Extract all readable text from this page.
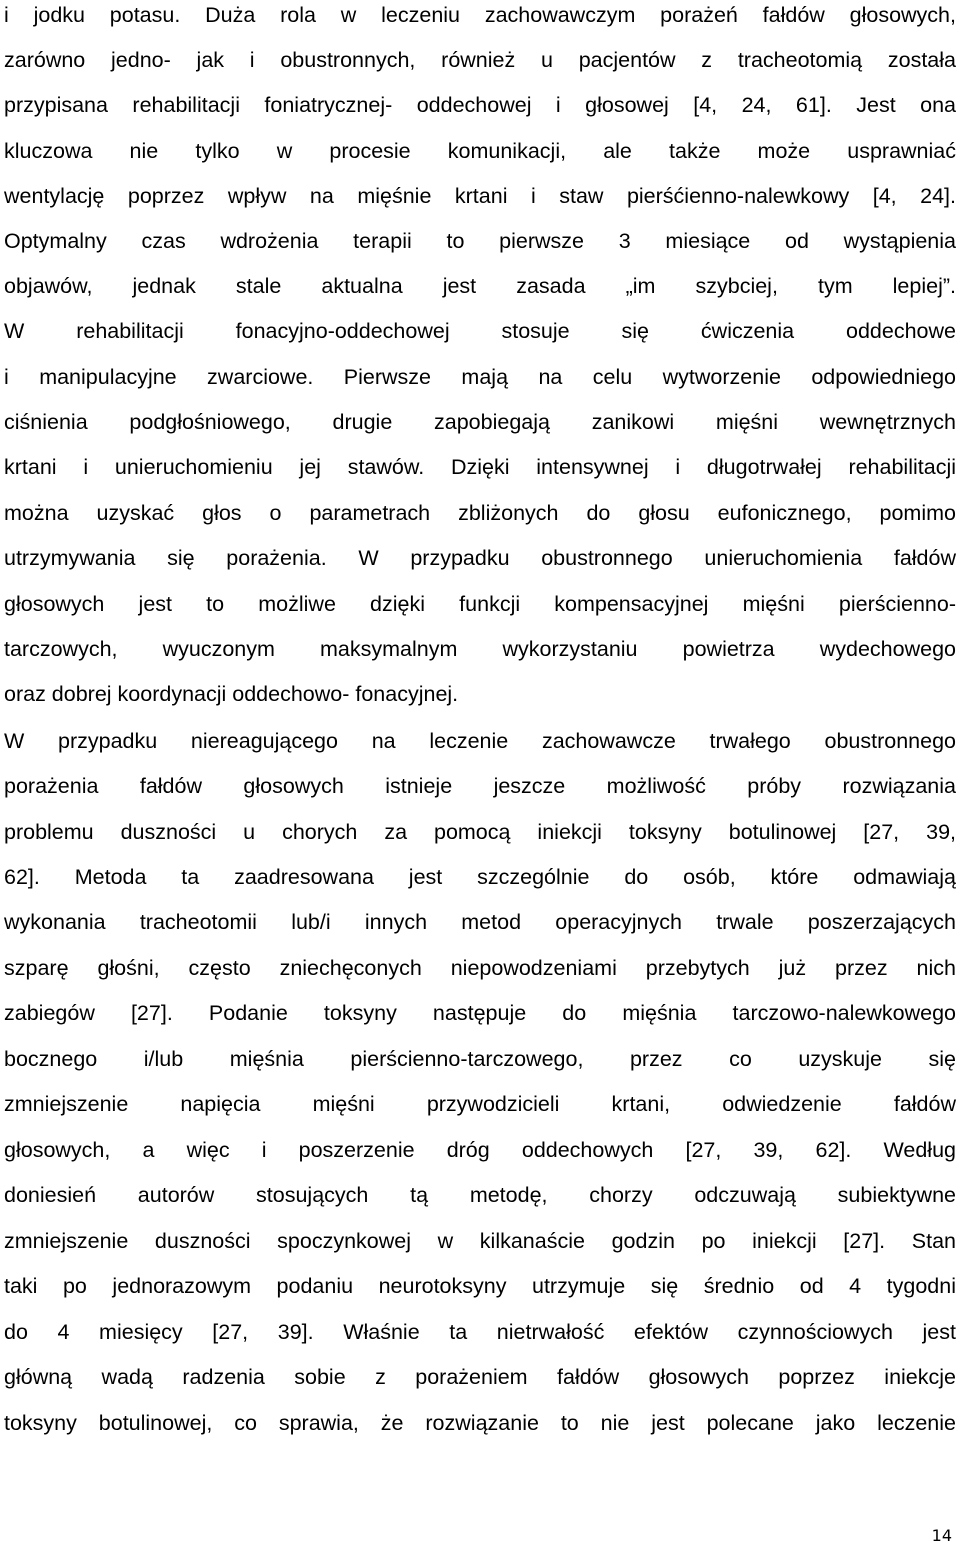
i jodku potasu. Duża rola w leczeniu zachowawczym porażeń fałdów głosowych,
zarówno jedno- jak i obustronnych, również u pacjentów z tracheotomią została
przypisana rehabilitacji foniatrycznej- oddechowej i głosowej [4, 24, 61]. Jest ona
kluczowa nie tylko w procesie komunikacji, ale także może usprawniać
wentylację poprzez wpływ na mięśnie krtani i staw pierśćienno-nalewkowy [4, 24].
Optymalny czas wdrożenia terapii to pierwsze 3 miesiące od wystąpienia
objawów, jednak stale aktualna jest zasada „im szybciej, tym lepiej”.
W rehabilitacji fonacyjno-oddechowej stosuje się ćwiczenia oddechowe
i manipulacyjne zwarciowe. Pierwsze mają na celu wytworzenie odpowiedniego
ciśnienia podgłośniowego, drugie zapobiegają zanikowi mięśni wewnętrznych
krtani i unieruchomieniu jej stawów. Dzięki intensywnej i długotrwałej rehabilitacji
można uzyskać głos o parametrach zbliżonych do głosu eufonicznego, pomimo
utrzymywania się porażenia. W przypadku obustronnego unieruchomienia fałdów
głosowych jest to możliwe dzięki funkcji kompensacyjnej mięśni pierścienno-
tarczowych, wyuczonym maksymalnym wykorzystaniu powietrza wydechowego
oraz dobrej koordynacji oddechowo- fonacyjnej.
W przypadku niereagującego na leczenie zachowawcze trwałego obustronnego
porażenia fałdów głosowych istnieje jeszcze możliwość próby rozwiązania
problemu duszności u chorych za pomocą iniekcji toksyny botulinowej [27, 39,
62]. Metoda ta zaadresowana jest szczególnie do osób, które odmawiają
wykonania tracheotomii lub/i innych metod operacyjnych trwale poszerzających
szparę głośni, często zniechęconych niepowodzeniami przebytych już przez nich
zabiegów [27]. Podanie toksyny następuje do mięśnia tarczowo-nalewkowego
bocznego i/lub mięśnia pierścienno-tarczowego, przez co uzyskuje się
zmniejszenie napięcia mięśni przywodzicieli krtani, odwiedzenie fałdów
głosowych, a więc i poszerzenie dróg oddechowych [27, 39, 62]. Według
doniesień autorów stosujących tą metodę, chorzy odczuwają subiektywne
zmniejszenie duszności spoczynkowej w kilkanaście godzin po iniekcji [27]. Stan
taki po jednorazowym podaniu neurotoksyny utrzymuje się średnio od 4 tygodni
do 4 miesięcy [27, 39]. Właśnie ta nietrwałość efektów czynnościowych jest
główną wadą radzenia sobie z porażeniem fałdów głosowych poprzez iniekcje
toksyny botulinowej, co sprawia, że rozwiązanie to nie jest polecane jako leczenie
14
